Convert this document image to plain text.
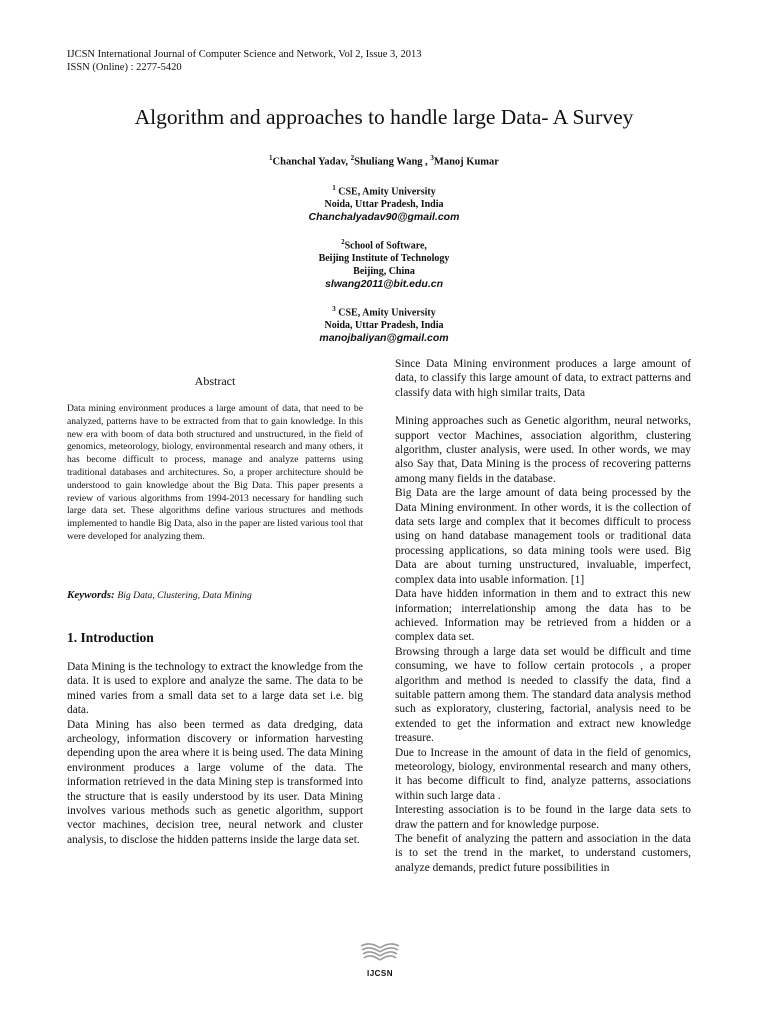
IJCSN International Journal of Computer Science and Network, Vol 2, Issue 3, 2013
ISSN (Online) : 2277-5420
Algorithm and approaches to handle large Data- A Survey
$^1$Chanchal Yadav, $^2$Shuliang Wang , $^3$Manoj Kumar
$^1$ CSE, Amity University
Noida, Uttar Pradesh, India
Chanchalyadav90@gmail.com
$^2$School of Software,
Beijing Institute of Technology
Beijing, China
slwang2011@bit.edu.cn
$^3$ CSE, Amity University
Noida, Uttar Pradesh, India
manojbaliyan@gmail.com
Abstract
Data mining environment produces a large amount of data, that need to be analyzed, patterns have to be extracted from that to gain knowledge. In this new era with boom of data both structured and unstructured, in the field of genomics, meteorology, biology, environmental research and many others, it has become difficult to process, manage and analyze patterns using traditional databases and architectures. So, a proper architecture should be understood to gain knowledge about the Big Data. This paper presents a review of various algorithms from 1994-2013 necessary for handling such large data set. These algorithms define various structures and methods implemented to handle Big Data, also in the paper are listed various tool that were developed for analyzing them.
Keywords: Big Data, Clustering, Data Mining
1. Introduction

Data Mining is the technology to extract the knowledge from the data. It is used to explore and analyze the same. The data to be mined varies from a small data set to a large data set i.e. big data.

Data Mining has also been termed as data dredging, data archeology, information discovery or information harvesting depending upon the area where it is being used. The data Mining environment produces a large volume of the data. The information retrieved in the data Mining step is transformed into the structure that is easily understood by its user. Data Mining involves various methods such as genetic algorithm, support vector machines, decision tree, neural network and cluster analysis, to disclose the hidden patterns inside the large data set.

Since Data Mining environment produces a large amount of data, to classify this large amount of data, to extract patterns and classify data with high similar traits, Data

Mining approaches such as Genetic algorithm, neural networks, support vector Machines, association algorithm, clustering algorithm, cluster analysis, were used. In other words, we may also Say that, Data Mining is the process of recovering patterns among many fields in the database.

Big Data are the large amount of data being processed by the Data Mining environment. In other words, it is the collection of data sets large and complex that it becomes difficult to process using on hand database management tools or traditional data processing applications, so data mining tools were used. Big Data are about turning unstructured, invaluable, imperfect, complex data into usable information. [1]

Data have hidden information in them and to extract this new information; interrelationship among the data has to be achieved. Information may be retrieved from a hidden or a complex data set.

Browsing through a large data set would be difficult and time consuming, we have to follow certain protocols , a proper algorithm and method is needed to classify the data, find a suitable pattern among them. The standard data analysis method such as exploratory, clustering, factorial, analysis need to be extended to get the information and extract new knowledge treasure.

Due to Increase in the amount of data in the field of genomics, meteorology, biology, environmental research and many others, it has become difficult to find, analyze patterns, associations within such large data .

Interesting association is to be found in the large data sets to draw the pattern and for knowledge purpose.

The benefit of analyzing the pattern and association in the data is to set the trend in the market, to understand customers, analyze demands, predict future possibilities in

IJCSN
